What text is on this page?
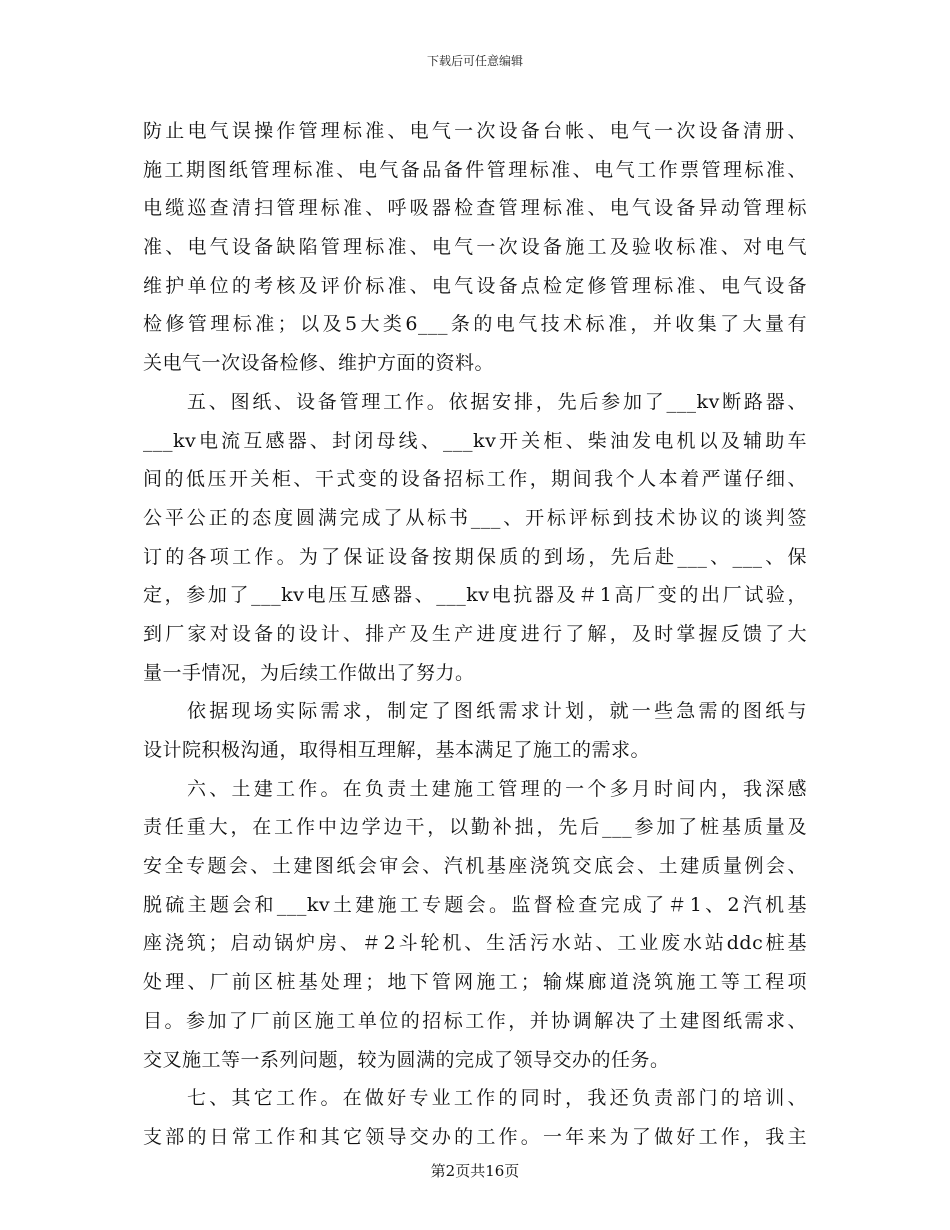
下载后可任意编辑
防止电气误操作管理标准、电气一次设备台帐、电气一次设备清册、
施工期图纸管理标准、电气备品备件管理标准、电气工作票管理标准、
电缆巡查清扫管理标准、呼吸器检查管理标准、电气设备异动管理标
准、电气设备缺陷管理标准、电气一次设备施工及验收标准、对电气
维护单位的考核及评价标准、电气设备点检定修管理标准、电气设备
检修管理标准；以及5大类6___条的电气技术标准，并收集了大量有
关电气一次设备检修、维护方面的资料。
五、图纸、设备管理工作。依据安排，先后参加了___kv断路器、
___kv电流互感器、封闭母线、___kv开关柜、柴油发电机以及辅助车
间的低压开关柜、干式变的设备招标工作，期间我个人本着严谨仔细、
公平公正的态度圆满完成了从标书___、开标评标到技术协议的谈判签
订的各项工作。为了保证设备按期保质的到场，先后赴___、___、保
定，参加了___kv电压互感器、___kv电抗器及＃1高厂变的出厂试验，
到厂家对设备的设计、排产及生产进度进行了解，及时掌握反馈了大
量一手情况，为后续工作做出了努力。
依据现场实际需求，制定了图纸需求计划，就一些急需的图纸与
设计院积极沟通，取得相互理解，基本满足了施工的需求。
六、土建工作。在负责土建施工管理的一个多月时间内，我深感
责任重大，在工作中边学边干，以勤补拙，先后___参加了桩基质量及
安全专题会、土建图纸会审会、汽机基座浇筑交底会、土建质量例会、
脱硫主题会和___kv土建施工专题会。监督检查完成了＃1、2汽机基
座浇筑；启动锅炉房、＃2斗轮机、生活污水站、工业废水站ddc桩基
处理、厂前区桩基处理；地下管网施工；输煤廊道浇筑施工等工程项
目。参加了厂前区施工单位的招标工作，并协调解决了土建图纸需求、
交叉施工等一系列问题，较为圆满的完成了领导交办的任务。
七、其它工作。在做好专业工作的同时，我还负责部门的培训、
支部的日常工作和其它领导交办的工作。一年来为了做好工作，我主
第2页共16页
